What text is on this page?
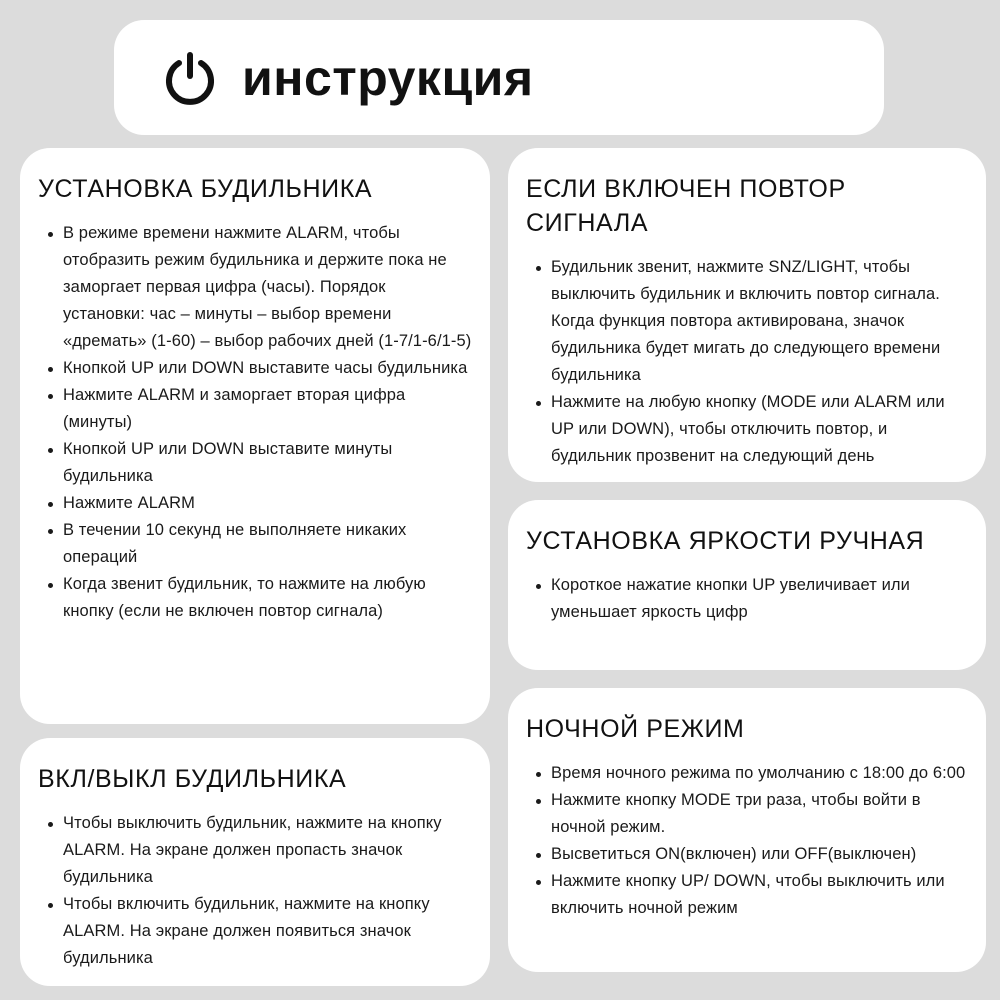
инструкция
УСТАНОВКА БУДИЛЬНИКА
В режиме времени нажмите ALARM, чтобы отобразить режим будильника и держите пока не заморгает первая цифра (часы). Порядок установки: час – минуты – выбор времени «дремать» (1-60) – выбор рабочих дней (1-7/1-6/1-5)
Кнопкой UP или DOWN выставите часы будильника
Нажмите ALARM и заморгает вторая цифра (минуты)
Кнопкой UP или DOWN выставите минуты будильника
Нажмите ALARM
В течении 10 секунд не выполняете никаких операций
Когда звенит будильник, то нажмите на любую кнопку (если не включен повтор сигнала)
ВКЛ/ВЫКЛ БУДИЛЬНИКА
Чтобы выключить будильник, нажмите на кнопку ALARM. На экране должен пропасть значок будильника
Чтобы включить будильник, нажмите на кнопку ALARM. На экране должен появиться значок будильника
ЕСЛИ ВКЛЮЧЕН ПОВТОР СИГНАЛА
Будильник звенит, нажмите SNZ/LIGHT, чтобы выключить будильник и включить повтор сигнала. Когда функция повтора активирована, значок будильника будет мигать до следующего времени будильника
Нажмите на любую кнопку (MODE или ALARM или UP или DOWN), чтобы отключить повтор, и будильник прозвенит на следующий день
УСТАНОВКА ЯРКОСТИ РУЧНАЯ
Короткое нажатие кнопки UP увеличивает или уменьшает яркость цифр
НОЧНОЙ РЕЖИМ
Время ночного режима по умолчанию с 18:00 до 6:00
Нажмите кнопку MODE три раза, чтобы войти в ночной режим.
Высветиться ON(включен) или OFF(выключен)
Нажмите кнопку UP/ DOWN, чтобы выключить или включить ночной режим
